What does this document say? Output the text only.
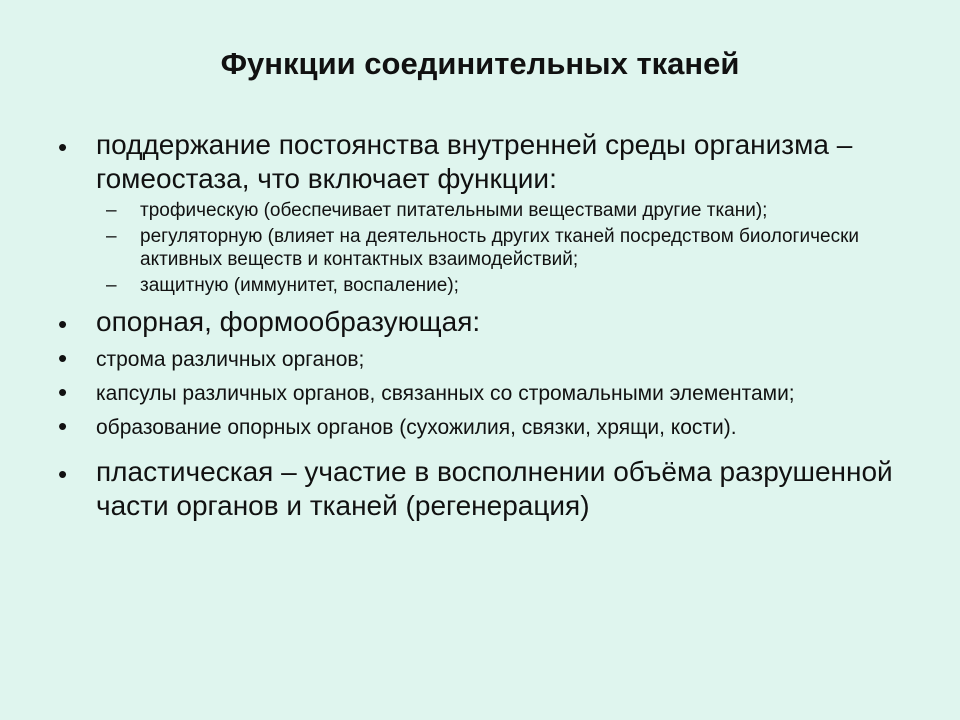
Функции соединительных тканей
• поддержание постоянства внутренней среды организма – гомеостаза, что включает функции:
– трофическую (обеспечивает питательными веществами другие ткани);
– регуляторную (влияет на деятельность других тканей посредством биологически активных веществ и контактных взаимодействий;
– защитную (иммунитет, воспаление);
• опорная, формообразующая:
• строма различных органов;
• капсулы различных органов, связанных со стромальными элементами;
• образование опорных органов (сухожилия, связки, хрящи, кости).
• пластическая – участие в восполнении объёма разрушенной части органов и тканей (регенерация)
